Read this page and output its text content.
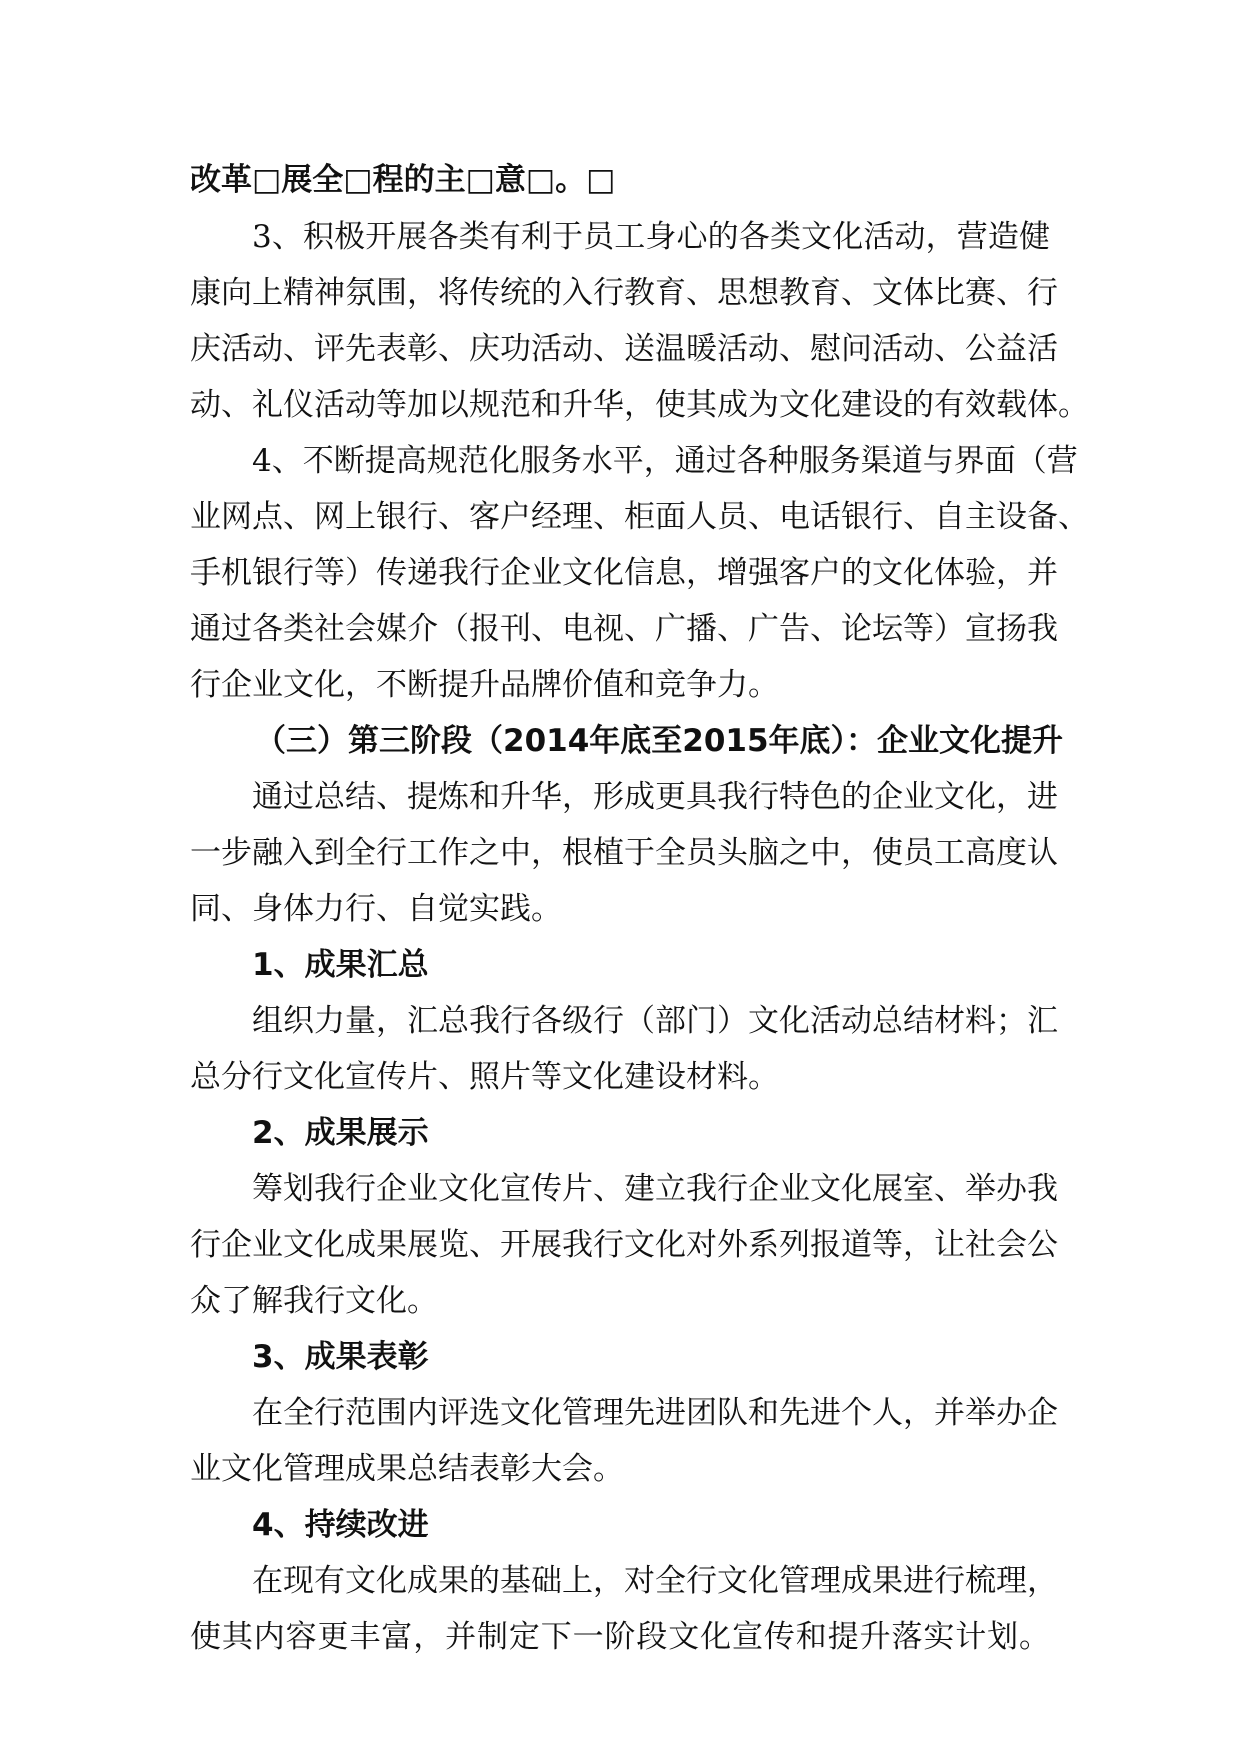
改革□展全□程的主□意□。□
3、积极开展各类有利于员工身心的各类文化活动，营造健
康向上精神氛围，将传统的入行教育、思想教育、文体比赛、行
庆活动、评先表彰、庆功活动、送温暖活动、慰问活动、公益活
动、礼仪活动等加以规范和升华，使其成为文化建设的有效载体。
4、不断提高规范化服务水平，通过各种服务渠道与界面（营
业网点、网上银行、客户经理、柜面人员、电话银行、自主设备、
手机银行等）传递我行企业文化信息，增强客户的文化体验，并
通过各类社会媒介（报刊、电视、广播、广告、论坛等）宣扬我
行企业文化，不断提升品牌价值和竞争力。
（三）第三阶段（2014年底至2015年底）：企业文化提升
通过总结、提炼和升华，形成更具我行特色的企业文化，进
一步融入到全行工作之中，根植于全员头脑之中，使员工高度认
同、身体力行、自觉实践。
1、成果汇总
组织力量，汇总我行各级行（部门）文化活动总结材料；汇
总分行文化宣传片、照片等文化建设材料。
2、成果展示
筹划我行企业文化宣传片、建立我行企业文化展室、举办我
行企业文化成果展览、开展我行文化对外系列报道等，让社会公
众了解我行文化。
3、成果表彰
在全行范围内评选文化管理先进团队和先进个人，并举办企
业文化管理成果总结表彰大会。
4、持续改进
在现有文化成果的基础上，对全行文化管理成果进行梳理，
使其内容更丰富，并制定下一阶段文化宣传和提升落实计划。
